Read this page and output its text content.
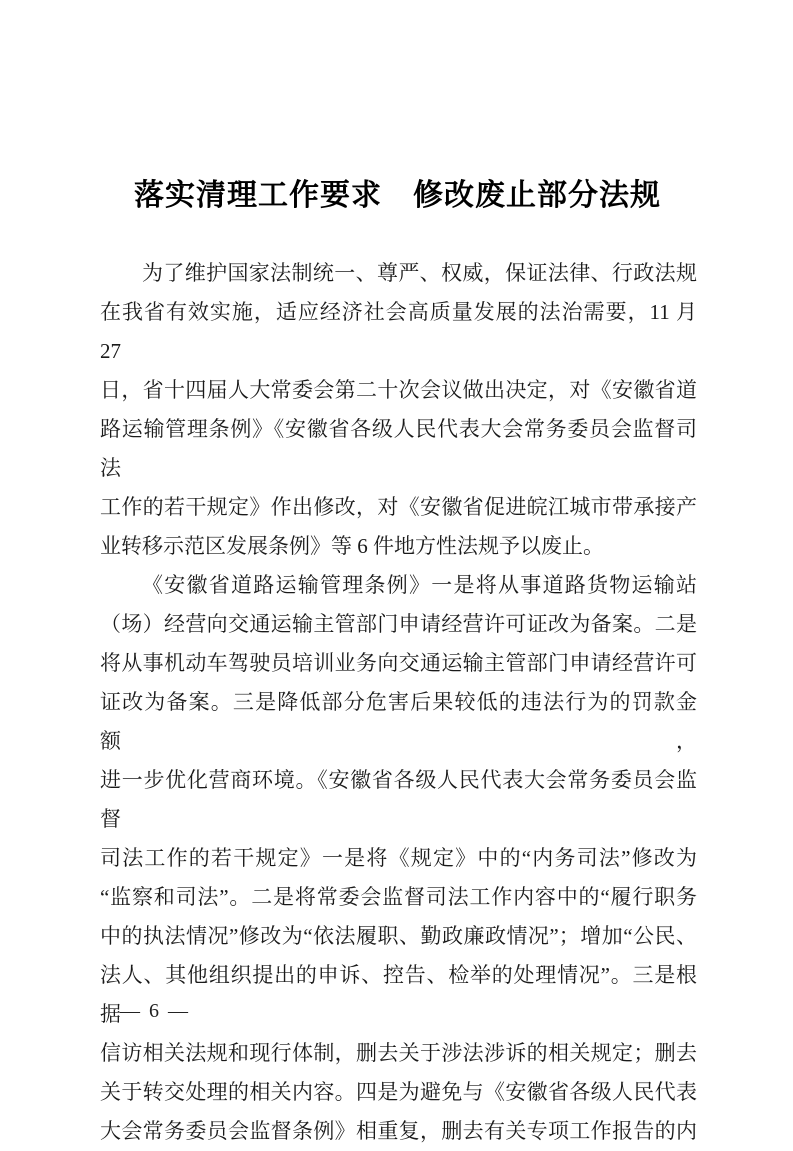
落实清理工作要求　修改废止部分法规
为了维护国家法制统一、尊严、权威，保证法律、行政法规
在我省有效实施，适应经济社会高质量发展的法治需要，11 月 27
日，省十四届人大常委会第二十次会议做出决定，对《安徽省道
路运输管理条例》《安徽省各级人民代表大会常务委员会监督司法
工作的若干规定》作出修改，对《安徽省促进皖江城市带承接产
业转移示范区发展条例》等 6 件地方性法规予以废止。
《安徽省道路运输管理条例》一是将从事道路货物运输站
（场）经营向交通运输主管部门申请经营许可证改为备案。二是
将从事机动车驾驶员培训业务向交通运输主管部门申请经营许可
证改为备案。三是降低部分危害后果较低的违法行为的罚款金额，
进一步优化营商环境。《安徽省各级人民代表大会常务委员会监督
司法工作的若干规定》一是将《规定》中的“内务司法”修改为
“监察和司法”。二是将常委会监督司法工作内容中的“履行职务
中的执法情况”修改为“依法履职、勤政廉政情况”；增加“公民、
法人、其他组织提出的申诉、控告、检举的处理情况”。三是根据
信访相关法规和现行体制，删去关于涉法涉诉的相关规定；删去
关于转交处理的相关内容。四是为避免与《安徽省各级人民代表
大会常务委员会监督条例》相重复，删去有关专项工作报告的内
— 6 —
